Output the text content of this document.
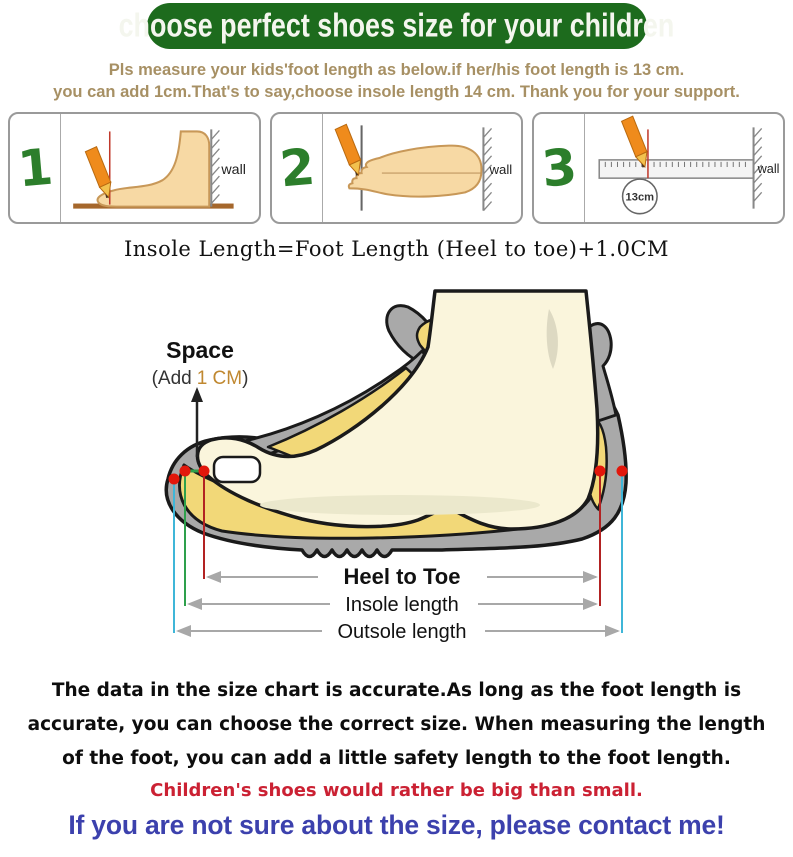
choose perfect shoes size for your children
Pls measure your kids'foot length as below.if her/his foot length is 13 cm.
you can add 1cm.That's to say,choose insole length 14 cm. Thank you for your support.
1	wall 2	wall 3	13cm
wall
Insole Length=Foot Length (Heel to toe)+1.0CM
Space
(Add 1 CM)
Heel to Toe
Insole length
Outsole length
The data in the size chart is accurate.As long as the foot length is
accurate, you can choose the correct size. When measuring the length
of the foot, you can add a little safety length to the foot length.
Children's shoes would rather be big than small.
If you are not sure about the size, please contact me!
